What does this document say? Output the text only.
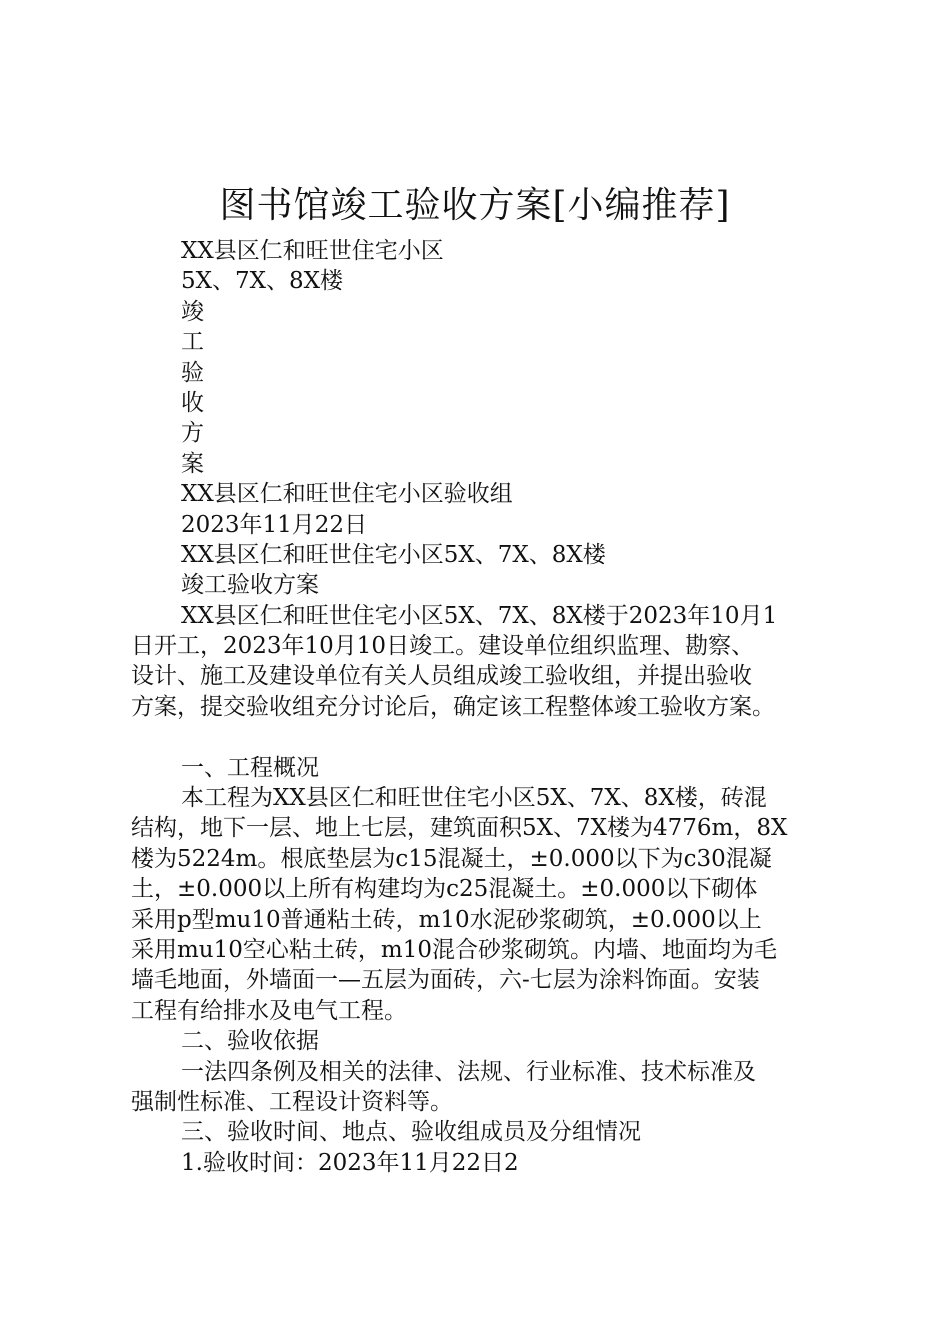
图书馆竣工验收方案[小编推荐]
XX县区仁和旺世住宅小区
5X、7X、8X楼
竣
工
验
收
方
案
XX县区仁和旺世住宅小区验收组
2023年11月22日
XX县区仁和旺世住宅小区5X、7X、8X楼
竣工验收方案
XX县区仁和旺世住宅小区5X、7X、8X楼于2023年10月1
日开工，2023年10月10日竣工。建设单位组织监理、勘察、
设计、施工及建设单位有关人员组成竣工验收组，并提出验收
方案，提交验收组充分讨论后，确定该工程整体竣工验收方案。
一、工程概况
本工程为XX县区仁和旺世住宅小区5X、7X、8X楼，砖混
结构，地下一层、地上七层，建筑面积5X、7X楼为4776m，8X
楼为5224m。根底垫层为c15混凝土，±0.000以下为c30混凝
土，±0.000以上所有构建均为c25混凝土。±0.000以下砌体
采用p型mu10普通粘土砖，m10水泥砂浆砌筑，±0.000以上
采用mu10空心粘土砖，m10混合砂浆砌筑。内墙、地面均为毛
墙毛地面，外墙面一—五层为面砖，六-七层为涂料饰面。安装
工程有给排水及电气工程。
二、验收依据
一法四条例及相关的法律、法规、行业标准、技术标准及
强制性标准、工程设计资料等。
三、验收时间、地点、验收组成员及分组情况
1.验收时间：2023年11月22日2
